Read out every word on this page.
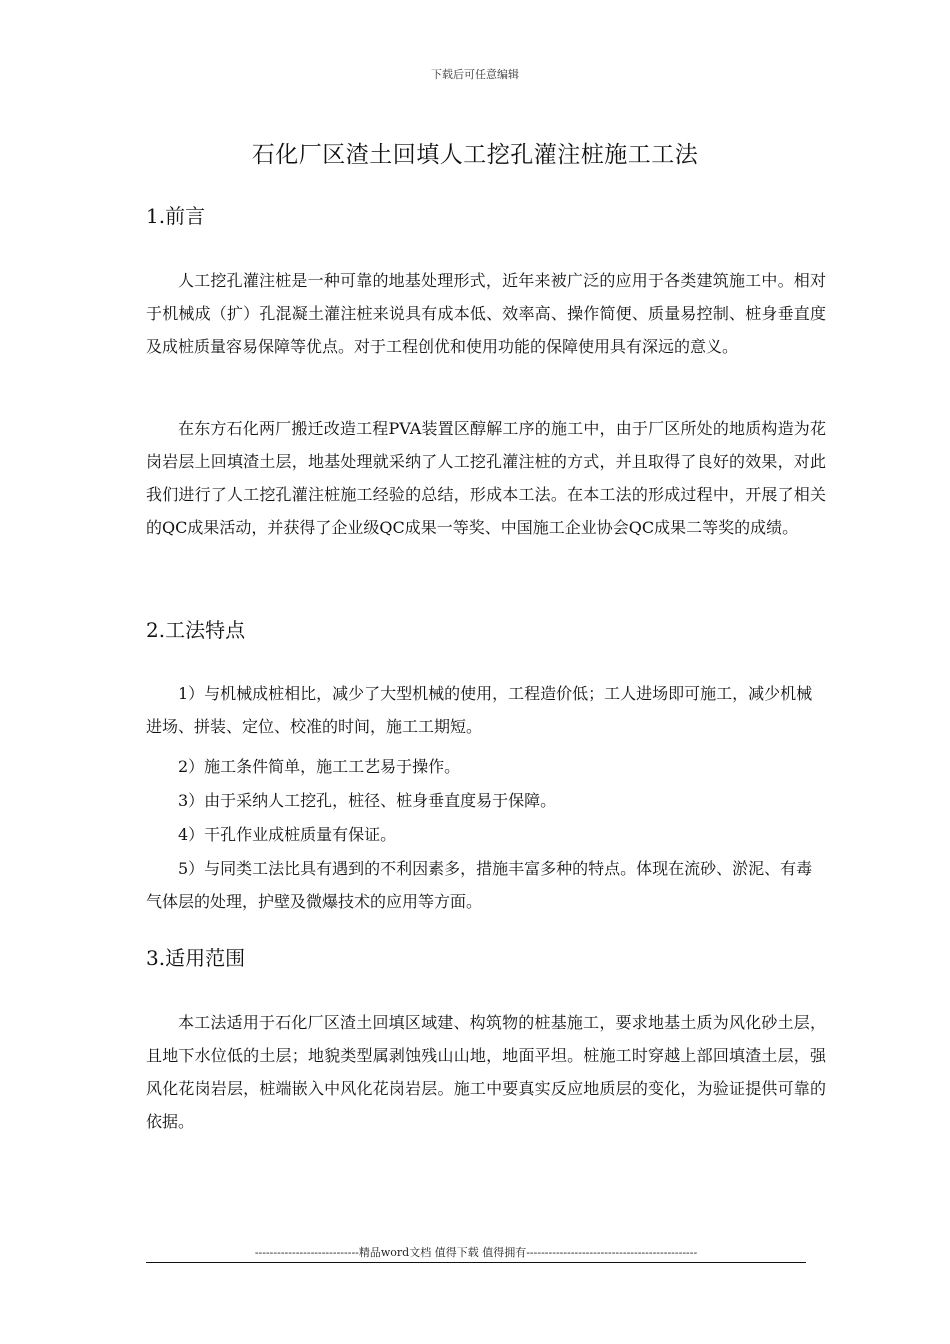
下载后可任意编辑
石化厂区渣土回填人工挖孔灌注桩施工工法
1.前言

人工挖孔灌注桩是一种可靠的地基处理形式，近年来被广泛的应用于各类建筑施工中。相对于机械成（扩）孔混凝土灌注桩来说具有成本低、效率高、操作简便、质量易控制、桩身垂直度及成桩质量容易保障等优点。对于工程创优和使用功能的保障使用具有深远的意义。

在东方石化两厂搬迁改造工程PVA装置区醇解工序的施工中，由于厂区所处的地质构造为花岗岩层上回填渣土层，地基处理就采纳了人工挖孔灌注桩的方式，并且取得了良好的效果，对此我们进行了人工挖孔灌注桩施工经验的总结，形成本工法。在本工法的形成过程中，开展了相关的QC成果活动，并获得了企业级QC成果一等奖、中国施工企业协会QC成果二等奖的成绩。

2.工法特点

1）与机械成桩相比，减少了大型机械的使用，工程造价低；工人进场即可施工，减少机械进场、拼装、定位、校准的时间，施工工期短。

2）施工条件简单，施工工艺易于操作。

3）由于采纳人工挖孔，桩径、桩身垂直度易于保障。

4）干孔作业成桩质量有保证。

5）与同类工法比具有遇到的不利因素多，措施丰富多种的特点。体现在流砂、淤泥、有毒气体层的处理，护壁及微爆技术的应用等方面。

3.适用范围

本工法适用于石化厂区渣土回填区域建、构筑物的桩基施工，要求地基土质为风化砂土层，且地下水位低的土层；地貌类型属剥蚀残山山地，地面平坦。桩施工时穿越上部回填渣土层，强风化花岗岩层，桩端嵌入中风化花岗岩层。施工中要真实反应地质层的变化，为验证提供可靠的依据。

----------------------------精品word文档 值得下载 值得拥有----------------------------------------------
